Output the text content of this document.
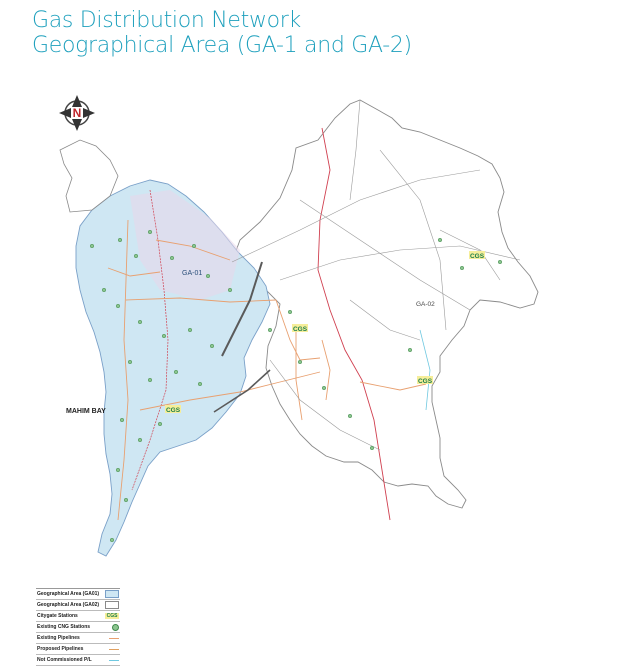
Gas Distribution Network
Geographical Area (GA-1 and GA-2)
N
CGS
CGS
CGS
CGS
GA-01
GA-02
MAHIM BAY
Geographical Area (GA01)
Geographical Area (GA02)
Citygate Stations	CGS
Existing CNG Stations
Existing Pipelines
Proposed Pipelines
Not Commissioned P/L
